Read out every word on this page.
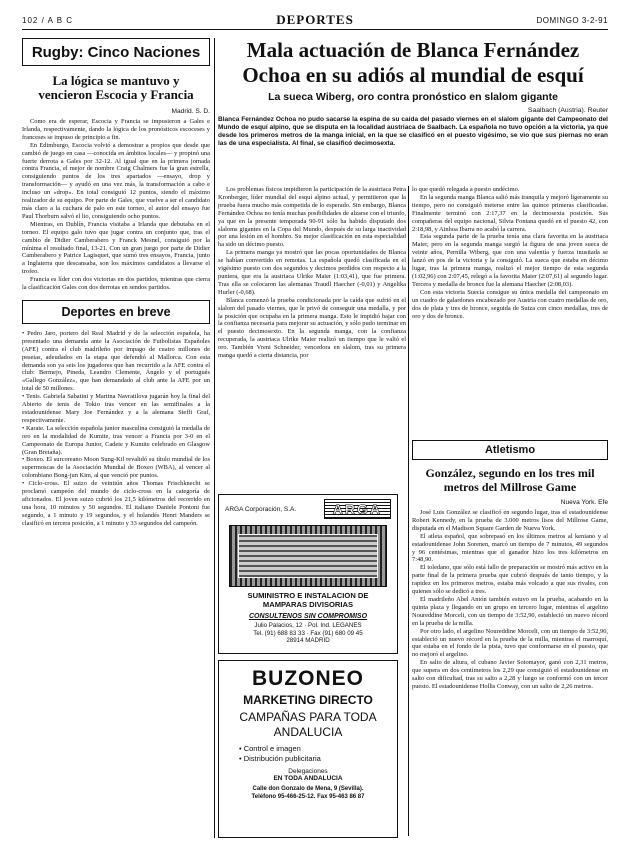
102 / A B C	DEPORTES	DOMINGO 3-2-91
Rugby: Cinco Naciones
La lógica se mantuvo y vencieron Escocia y Francia
Madrid. S. D.

Como era de esperar, Escocia y Francia se impusieron a Gales e Irlanda, respectivamente, dando la lógica de los pronósticos escoceses y franceses se impuso de principio a fin.

En Edimburgo, Escocia volvió a demostrar a propios que desde que cambió de juego en casa —conocida en ámbitos locales— y propinó una fuerte derrota a Gales por 32-12. Al igual que en la primera jornada contra Francia, el mejor de nombre Craig Chalmers fue la gran estrella, consiguiendo puntos de los tres apartados —ensayo, drop y transformación— y ayudó en una vez más, la transformación a cabo e incluso un «drop». En total consiguió 12 puntos, siendo el máximo realizador de su equipo. Por parte de Gales, que vuelve a ser el candidato más claro a la cuchara de palo en este torneo, el autor del ensayo fue Paul Thorburn salvó el lio, consiguiendo ocho puntos.

Mientras, en Dublín, Francia visitaba a Irlanda que debutaba en el torneo. El equipo galo tuvo que jugar contra un conjunto que, tras el cambio de Didier Camberabero y Franck Mesnel, consiguió por la mínima el resultado final, 13-21. Con un gran juego por parte de Didier Camberabero y Patrice Lagisquet, que sumó tres ensayos, Francia, junto a Inglaterra que descansaba, son los máximos candidatos a llevarse el trofeo.

Francia es líder con dos victorias en dos partidos, mientras que cierra la clasificación Gales con dos derrotas en sendos partidos.

Deportes en breve

• Pedro Jaro, portero del Real Madrid y de la selección española, ha presentado una demanda ante la Asociación de Futbolistas Españoles (AFE) contra el club madrileño por impago de cuatro millones de pesetas, adeudados en la etapa que defendió al Mallorca. Con esta demanda son ya seis los jugadores que han recurrido a la AFE contra el club: Bermejo, Pineda, Leandro Clemente, Ángelo y el portugués «Gallego González», que han demandado al club ante la AFE por un total de 50 millones.

• Tenis. Gabriela Sabatini y Martina Navratilova jugarán hoy la final del Abierto de tenis de Tokio tras vencer en las semifinales a la estadounidense Mary Joe Fernández y a la alemana Steffi Graf, respectivamente.

• Karate. La selección española junior masculina consiguió la medalla de oro en la modalidad de Kumite, tras vencer a Francia por 3-0 en el Campeonato de Europa Junior, Cadete y Kumite celebrado en Glasgow (Gran Bretaña).

• Boxeo. El surcoreano Moon Sung-Kil revalidó su título mundial de los supermoscas de la Asociación Mundial de Boxeo (WBA), al vencer al colombiano Bong-jun Kim, al que venció por puntos.

• Ciclo-cross. El suizo de veintiún años Thomas Frischknecht se proclamó campeón del mundo de ciclo-cross en la categoría de aficionados. El joven suizo cubrió los 21,5 kilómetros del recorrido en una hora, 10 minutos y 50 segundos. El italiano Daniele Pontoni fue segundo, a 1 minuto y 19 segundos, y el holandés Henri Manders se clasificó en tercera posición, a 1 minuto y 33 segundos del campeón.

Mala actuación de Blanca Fernández Ochoa en su adiós al mundial de esquí
La sueca Wiberg, oro contra pronóstico en slalom gigante
Saalbach (Austria). Reuter
Blanca Fernández Ochoa no pudo sacarse la espina de su caída del pasado viernes en el slalom gigante del Campeonato del Mundo de esquí alpino, que se disputa en la localidad austriaca de Saalbach. La española no tuvo opción a la victoria, ya que desde los primeros metros de la manga inicial, en la que se clasificó en el puesto vigésimo, se vio que sus piernas no eran las de una especialista. Al final, se clasificó decimosexta.

Los problemas físicos impidieron la participación de la austriaca Petra Kronberger, líder mundial del esquí alpino actual, y permitieron que la prueba fuera mucho más competida de lo esperado. Sin embargo, Blanca Fernández Ochoa no tenía muchas posibilidades de alzarse con el triunfo, ya que en la presente temporada 90-91 sólo ha habido disputado dos slaloms gigantes en la Copa del Mundo, después de su larga inactividad por una lesión en el hombro. Su mejor clasificación en esta especialidad ha sido un décimo puesto.

La primera manga ya mostró que las pocas oportunidades de Blanca se habían convertido en remotas. La española quedó clasificada en el vigésimo puesto con dos segundos y decimos perdidos con respecto a la puntera, que era la austriaca Ulrike Maier (1:03,41), que fue primera. Tras ella se colocaron las alemanas Traudl Haecher (-0,01) y Angelika Hurler (-0,68).

Blanca comenzó la prueba condicionada por la caída que sufrió en el slalom del pasado viernes, que le privó de conseguir una medalla, y por la posición que ocupaba en la primera manga. Esto le impidió bajar con la confianza necesaria para mejorar su actuación, y sólo pudo terminar en el puesto decimosexto. En la segunda manga, con la confianza recuperada, la austriaca Ulrike Maier realizó un tiempo que le valió el oro. También Vreni Schneider, vencedora en slalom, tras su primera manga quedó a cierta distancia, por

lo que quedó relegada a puesto undécimo.

En la segunda manga Blanca salió más tranquila y mejoró ligeramente su tiempo, pero no consiguió meterse entre las quince primeras clasificadas. Finalmente terminó con 2:17,37 en la decimosexta posición. Sus compañeras del equipo nacional, Silvia Fontana quedó en el puesto 42, con 2:18,98, y Ainhoa Ibarra no acabó la carrera.

Esta segunda parte de la prueba tenía una clara favorita en la austriaca Maier, pero en la segunda manga surgió la figura de una joven sueca de veinte años, Pernilla Wiberg, que con una valentía y fuerza inusitada se lanzó en pos de la victoria y la consiguió. La sueca que estaba en décimo lugar, tras la primera manga, realizó el mejor tiempo de esta segunda (1:02,96) con 2:07,45, relegó a la favorita Maier (2:07,61) al segundo lugar. Tercera y medalla de bronce fue la alemana Haecher (2:08,03).

Con esta victoria Suecia consigue su única medalla del campeonato en un cuadro de galardones encabezado por Austria con cuatro medallas de oro, dos de plata y tres de bronce, seguida de Suiza con cinco medallas, tres de oro y dos de bronce.

ARGA Corporación, S.A.	ARGA
SUMINISTRO E INSTALACION DE
MAMPARAS DIVISORIAS
CONSULTENOS SIN COMPROMISO
Julio Palacios, 12 · Pol. Ind. LEGANES
Tel. (91) 688 83 33 · Fax (91) 680 09 45
28914 MADRID
BUZONEO
MARKETING DIRECTO
CAMPAÑAS PARA TODA
ANDALUCIA
• Control e imagen
• Distribución publicitaria
Delegaciones
EN TODA ANDALUCIA
Calle don Gonzalo de Mena, 9 (Sevilla).
Teléfono 95-466-25-12. Fax 95-463 86 87
Atletismo
González, segundo en los tres mil metros del Millrose Game
Nueva York. Efe

José Luis González se clasificó en segundo lugar, tras el estadounidense Robert Kennedy, en la prueba de 3.000 metros lisos del Millrose Game, disputada en el Madison Square Garden de Nueva York.

El atleta español, que sobrepasó en los últimos metros al keniano y al estadounidense John Sorenen, marcó un tiempo de 7 minutos, 49 segundos y 96 centésimas, mientras que el ganador hizo los tres kilómetros en 7:48,90.

El toledano, que sólo está fallo de preparación se mostró más activo en la parte final de la primera prueba que cubrió después de tanto tiempo, y la rapidez en los primeros metros, estaba más volcado a que sus rivales, con quienes sólo se dedicó a tres.

El madrileño Abel Antón también estuvo en la prueba, acabando en la quinta plaza y llegando en un grupo en tercero lugar, mientras el argelino Noureddine Morceli, con un tiempo de 3:52,90, estableció un nuevo récord en la prueba de la milla.

Por otro lado, el argelino Noureddine Morceli, con un tiempo de 3:52,90, estableció un nuevo récord en la prueba de la milla, mientras el marroquí, que estaba en el fondo de la pista, tuvo que conformarse en el puesto, que no mejoró el argelino.

En salto de altura, el cubano Javier Sotomayor, ganó con 2,31 metros, que supera en dos centímetros los 2,29 que consiguió el estadounidense en salto con dificultad, tras su salto a 2,28 y luego se conformó con un tercer puesto. El estadounidense Hollis Conway, con un salto de 2,26 metros.
